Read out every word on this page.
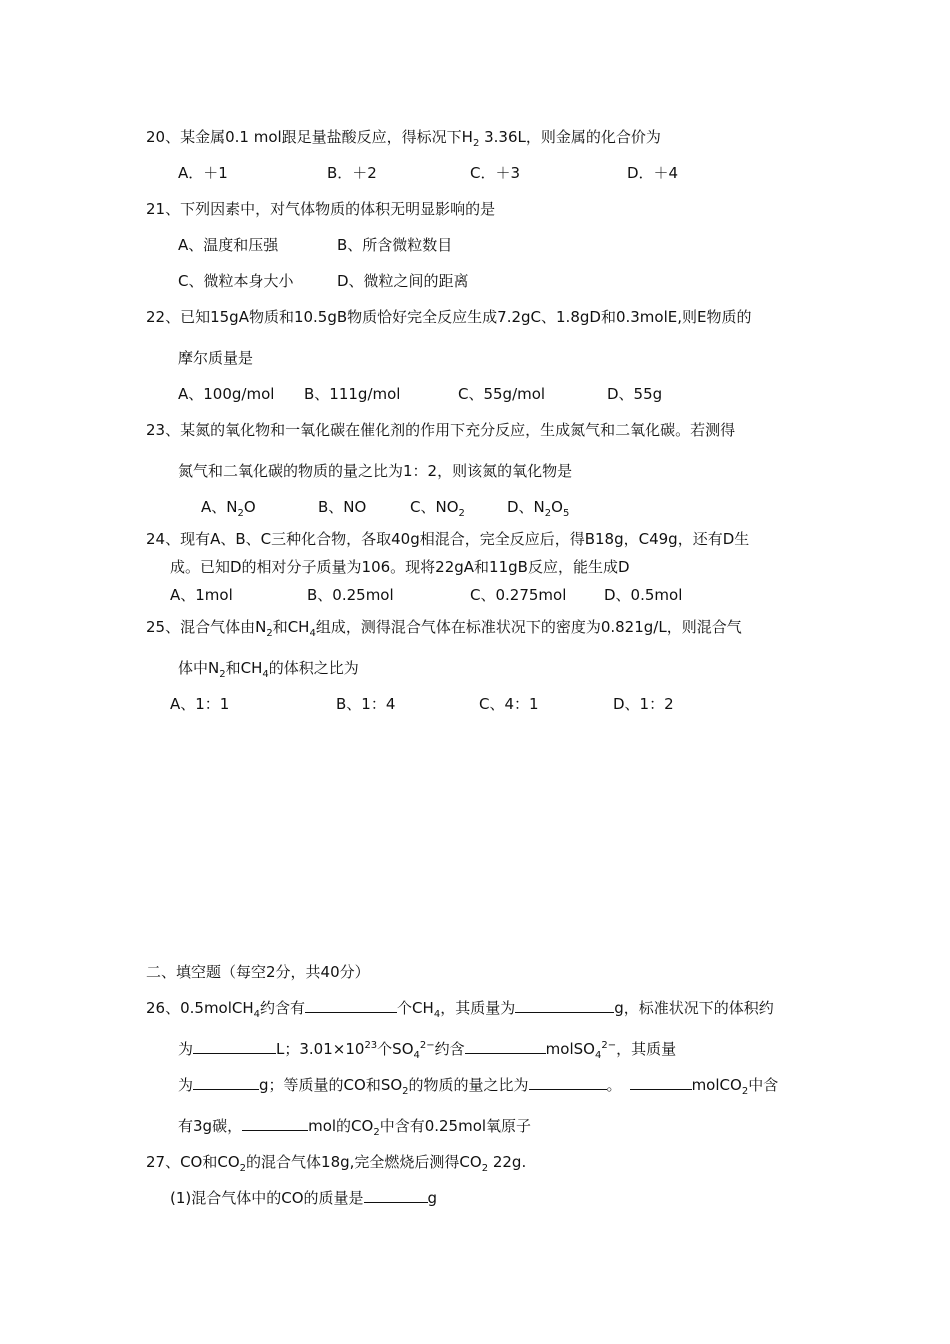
20、某金属0.1 mol跟足量盐酸反应，得标况下$H_2$ 3.36L，则金属的化合价为
A．＋1	B．＋2	C．＋3	D．＋4
21、下列因素中，对气体物质的体积无明显影响的是
A、温度和压强	B、所含微粒数目
C、微粒本身大小	D、微粒之间的距离
22、已知15gA物质和10.5gB物质恰好完全反应生成7.2gC、1.8gD和0.3molE,则E物质的
摩尔质量是
A、100g/mol B、111g/mol	C、55g/mol	D、55g
23、某氮的氧化物和一氧化碳在催化剂的作用下充分反应，生成氮气和二氧化碳。若测得
氮气和二氧化碳的物质的量之比为1：2，则该氮的氧化物是
A、$N_2O$	B、NO	C、$NO_2$	D、$N_2O_5$
24、现有A、B、C三种化合物，各取40g相混合，完全反应后，得B18g，C49g，还有D生
成。已知D的相对分子质量为106。现将22gA和11gB反应，能生成D
A、1mol	B、0.25mol	C、0.275mol	D、0.5mol
25、混合气体由$N_2$和$CH_4$组成，测得混合气体在标准状况下的密度为0.821g/L，则混合气
体中$N_2$和$CH_4$的体积之比为
A、1：1	B、1：4	C、4：1	D、1：2
二、填空题（每空2分，共40分）
26、0.5molCH$_4$约含有	个$CH_4$，其质量为	g，标准状况下的体积约
为	L；$3.01\times 10^{23}$个$SO_4^{2-}$约含	molSO$_4^{2-}$，其质量
为	g；等质量的CO和$SO_2$的物质的量之比为	。	molCO$_2$中含
有3g碳，	mol的$CO_2$中含有0.25mol氧原子
27、CO和$CO_2$的混合气体18g,完全燃烧后测得$CO_2$ 22g.
(1)混合气体中的CO的质量是	g
